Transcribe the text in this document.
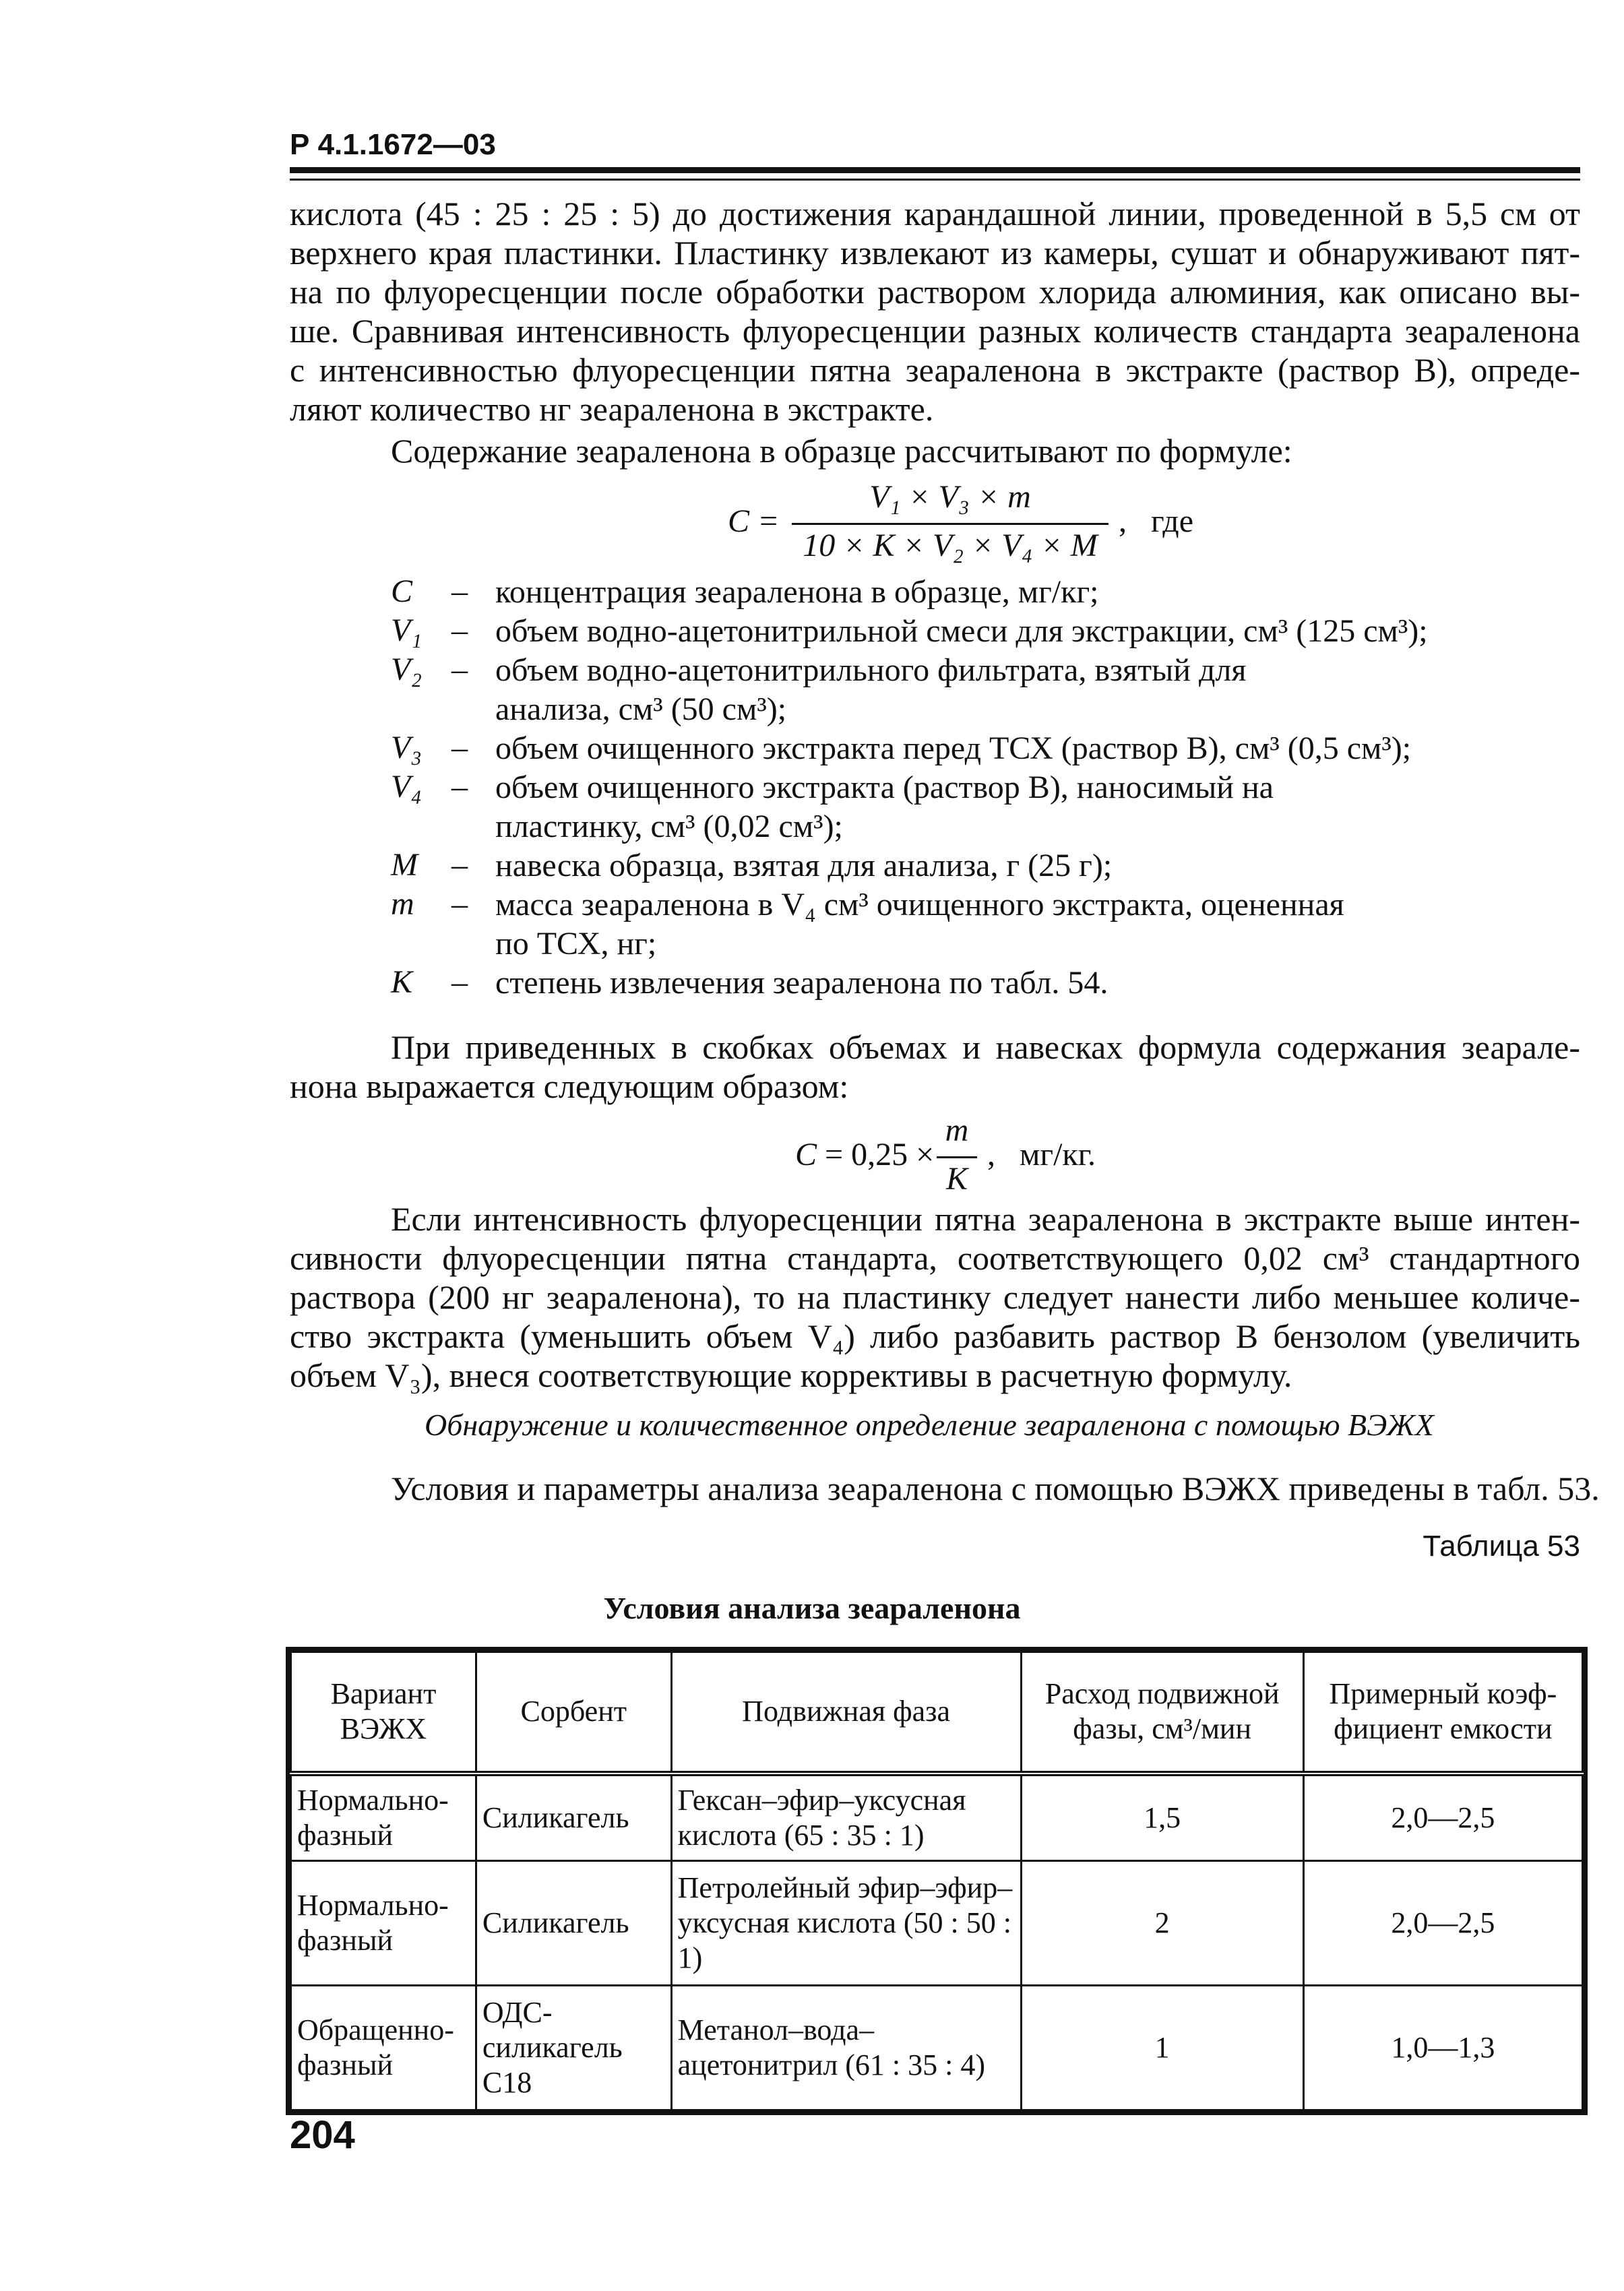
Р 4.1.1672—03
кислота (45 : 25 : 25 : 5) до достижения карандашной линии, проведенной в 5,5 см от
верхнего края пластинки. Пластинку извлекают из камеры, сушат и обнаруживают пят-
на по флуоресценции после обработки раствором хлорида алюминия, как описано вы-
ше. Сравнивая интенсивность флуоресценции разных количеств стандарта зеараленона
с интенсивностью флуоресценции пятна зеараленона в экстракте (раствор В), опреде-
ляют количество нг зеараленона в экстракте.
Содержание зеараленона в образце рассчитывают по формуле:
C =
V₁ × V₃ × m
10 × K × V₂ × V₄ × M
,   где
C	– концентрация зеараленона в образце, мг/кг;
V₁ – объем водно-ацетонитрильной смеси для экстракции, см³ (125 см³);
V₂ – объем водно-ацетонитрильного фильтрата, взятый для
анализа, см³ (50 см³);
V₃ – объем очищенного экстракта перед ТСХ (раствор В), см³ (0,5 см³);
V₄ – объем очищенного экстракта (раствор В), наносимый на
пластинку, см³ (0,02 см³);
M	– навеска образца, взятая для анализа, г (25 г);
m	– масса зеараленона в V₄ см³ очищенного экстракта, оцененная
по ТСХ, нг;
K	– степень извлечения зеараленона по табл. 54.
При приведенных в скобках объемах и навесках формула содержания зеарале-
нона выражается следующим образом:
C = 0,25 ×
m
K
,   мг/кг.
Если интенсивность флуоресценции пятна зеараленона в экстракте выше интен-
сивности флуоресценции пятна стандарта, соответствующего 0,02 см³ стандартного
раствора (200 нг зеараленона), то на пластинку следует нанести либо меньшее количе-
ство экстракта (уменьшить объем V₄) либо разбавить раствор В бензолом (увеличить
объем V₃), внеся соответствующие коррективы в расчетную формулу.
Обнаружение и количественное определение зеараленона с помощью ВЭЖХ
Условия и параметры анализа зеараленона с помощью ВЭЖХ приведены в табл. 53.
Таблица 53
Условия анализа зеараленона
Вариант ВЭЖХ	Сорбент	Подвижная фаза	Расход подвижной фазы, см³/мин	Примерный коэф-фициент емкости
Нормально-фазный	Силикагель	Гексан–эфир–уксусная кислота (65 : 35 : 1)	1,5	2,0—2,5
Нормально-фазный	Силикагель	Петролейный эфир–эфир–уксусная кислота (50 : 50 : 1)	2	2,0—2,5
Обращенно-фазный	ОДС-силикагель С18	Метанол–вода–ацетонитрил (61 : 35 : 4)	1	1,0—1,3
204
